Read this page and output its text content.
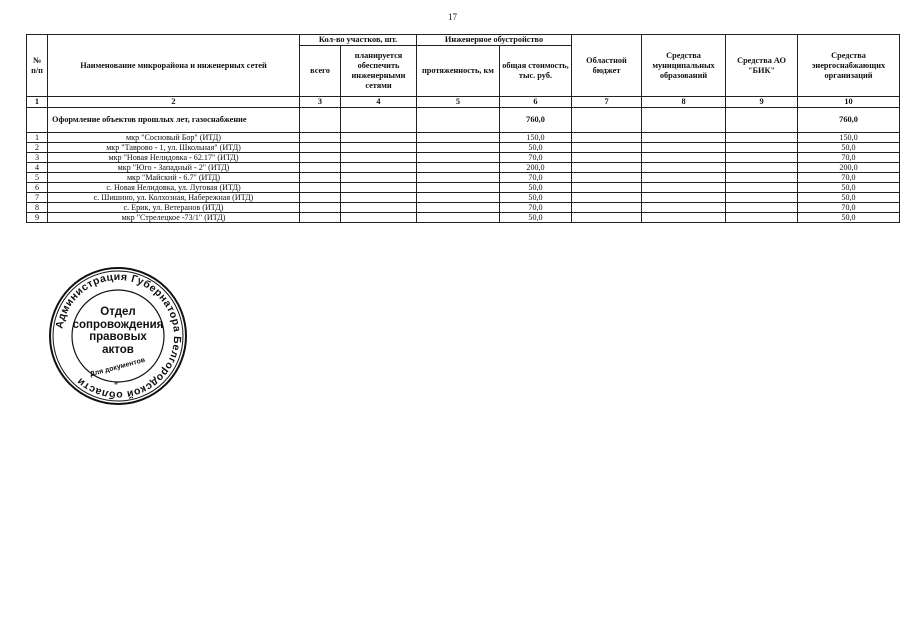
17
№ п/п	Наименование микрорайона и инженерных сетей	Кол-во участков, шт.		Инженерное обустройство		Областной бюджет	Средства муниципальных образований	Средства АО "БИК"	Средства энергоснабжающих организаций
		всего	планируется обеспечить инженерными сетями	протяженность, км	общая стоимость, тыс. руб.				
1	2	3	4	5	6	7	8	9	10
	Оформление объектов прошлых лет, газоснабжение				760,0				760,0
1	мкр "Сосновый Бор" (ИТД)				150,0				150,0
2	мкр "Таврово - 1, ул. Школьная" (ИТД)				50,0				50,0
3	мкр "Новая Нелидовка - 62.17" (ИТД)				70,0				70,0
4	мкр "Юго - Западный - 2" (ИТД)				200,0				200,0
5	мкр "Майский - 6.7" (ИТД)				70,0				70,0
6	с. Новая Нелидовка, ул. Луговая (ИТД)				50,0				50,0
7	с. Шишино, ул. Колхозная, Набережная (ИТД)				50,0				50,0
8	с. Ерик, ул. Ветеранов (ИТД)				70,0				70,0
9	мкр "Стрелецкое -73/1" (ИТД)				50,0				50,0
Администрация Губернатора Белгородской области
Для документов
*
Отдел
сопровождения
правовых
актов
